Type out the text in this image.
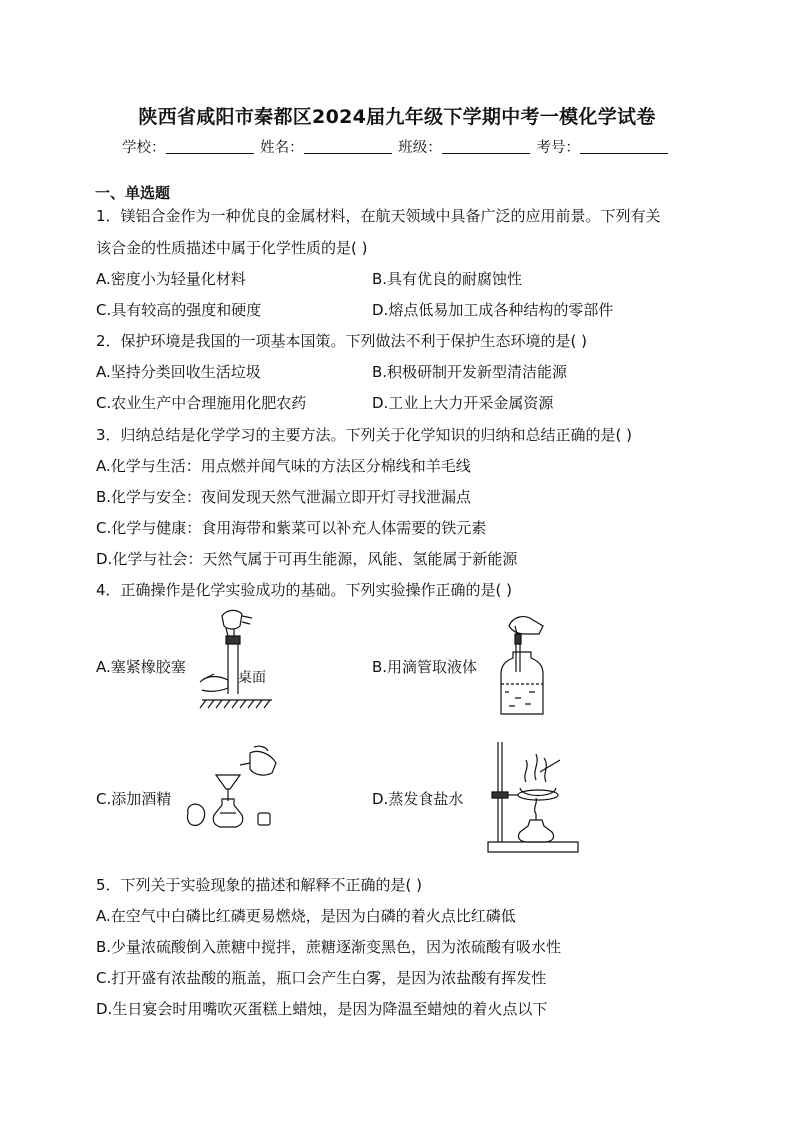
陕西省咸阳市秦都区2024届九年级下学期中考一模化学试卷
学校：	姓名：	班级：	考号：
一、单选题
1．镁铝合金作为一种优良的金属材料，在航天领域中具备广泛的应用前景。下列有关
该合金的性质描述中属于化学性质的是( )
A.密度小为轻量化材料	B.具有优良的耐腐蚀性
C.具有较高的强度和硬度	D.熔点低易加工成各种结构的零部件
2．保护环境是我国的一项基本国策。下列做法不利于保护生态环境的是( )
A.坚持分类回收生活垃圾	B.积极研制开发新型清洁能源
C.农业生产中合理施用化肥农药	D.工业上大力开采金属资源
3．归纳总结是化学学习的主要方法。下列关于化学知识的归纳和总结正确的是( )
A.化学与生活：用点燃并闻气味的方法区分棉线和羊毛线
B.化学与安全：夜间发现天然气泄漏立即开灯寻找泄漏点
C.化学与健康：食用海带和紫菜可以补充人体需要的铁元素
D.化学与社会：天然气属于可再生能源，风能、氢能属于新能源
4．正确操作是化学实验成功的基础。下列实验操作正确的是( )
A.塞紧橡胶塞	B.用滴管取液体
C.添加酒精	D.蒸发食盐水
桌面
5．下列关于实验现象的描述和解释不正确的是( )
A.在空气中白磷比红磷更易燃烧，是因为白磷的着火点比红磷低
B.少量浓硫酸倒入蔗糖中搅拌，蔗糖逐渐变黑色，因为浓硫酸有吸水性
C.打开盛有浓盐酸的瓶盖，瓶口会产生白雾，是因为浓盐酸有挥发性
D.生日宴会时用嘴吹灭蛋糕上蜡烛，是因为降温至蜡烛的着火点以下
